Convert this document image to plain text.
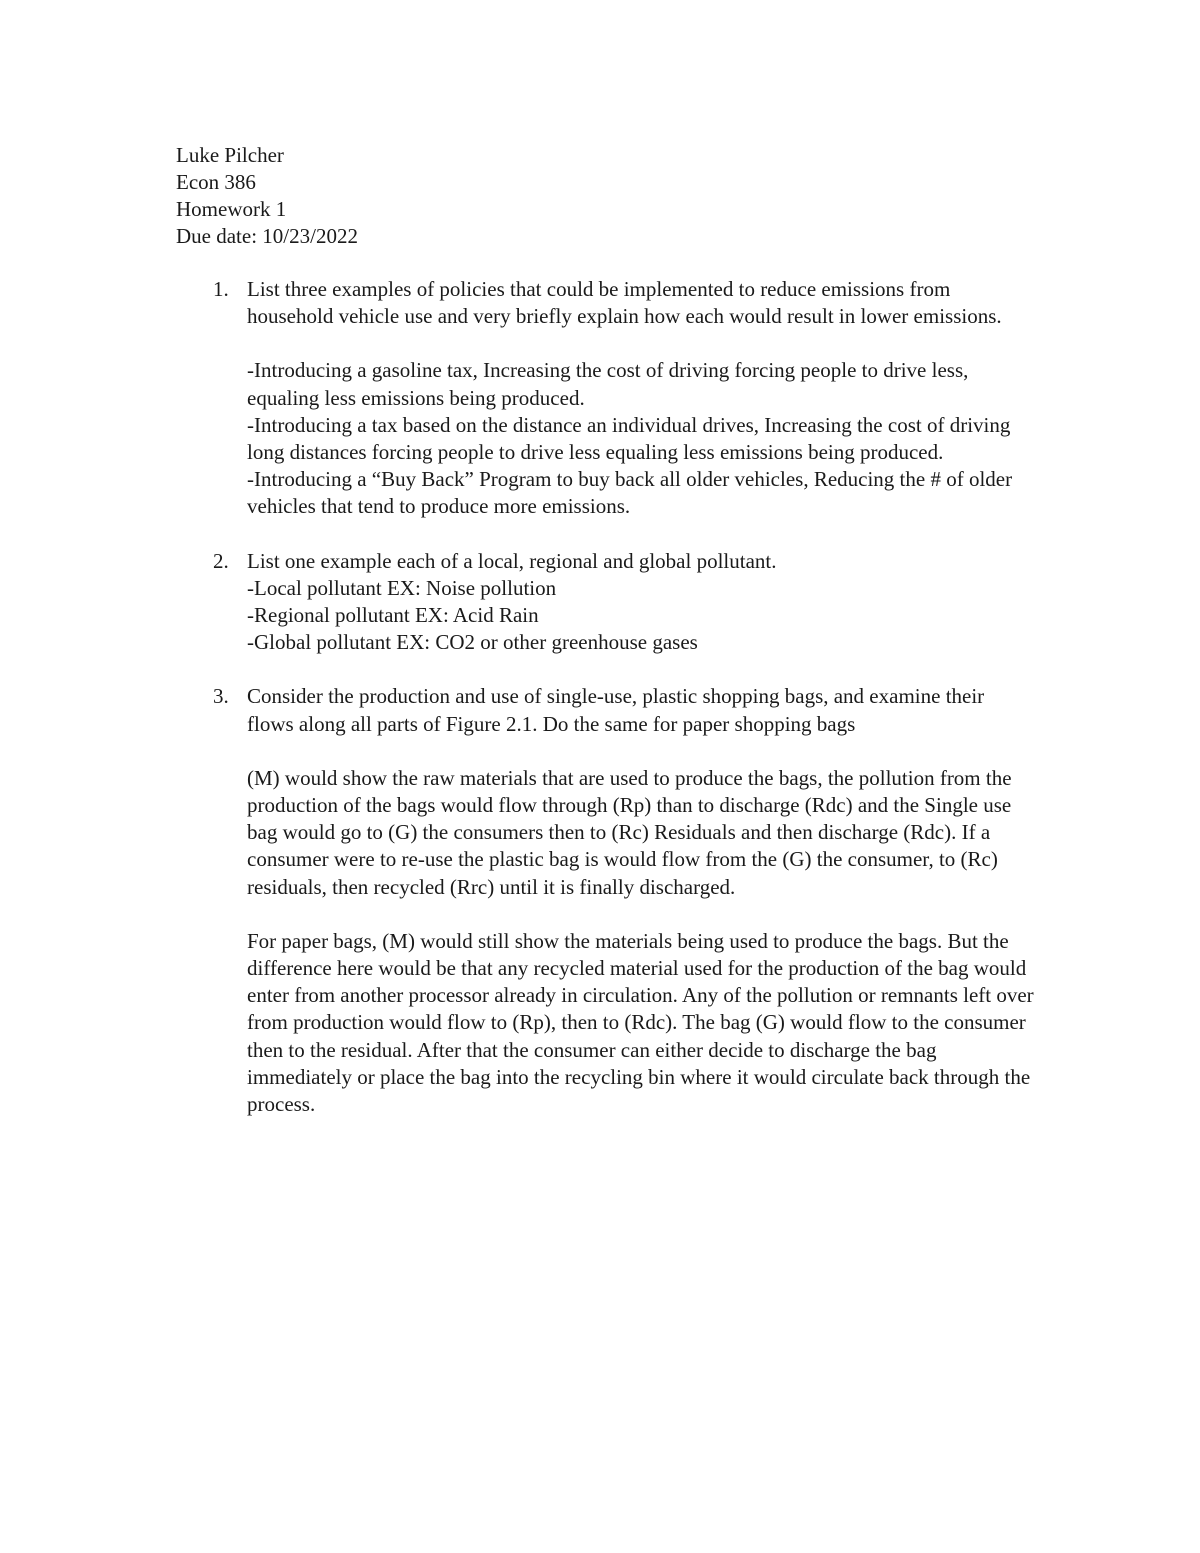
Luke Pilcher
Econ 386
Homework 1
Due date: 10/23/2022
1. List three examples of policies that could be implemented to reduce emissions from household vehicle use and very briefly explain how each would result in lower emissions.
-Introducing a gasoline tax, Increasing the cost of driving forcing people to drive less, equaling less emissions being produced.
-Introducing a tax based on the distance an individual drives, Increasing the cost of driving long distances forcing people to drive less equaling less emissions being produced.
-Introducing a “Buy Back” Program to buy back all older vehicles, Reducing the # of older vehicles that tend to produce more emissions.
2. List one example each of a local, regional and global pollutant.
-Local pollutant EX: Noise pollution
-Regional pollutant EX: Acid Rain
-Global pollutant EX: CO2 or other greenhouse gases
3. Consider the production and use of single-use, plastic shopping bags, and examine their flows along all parts of Figure 2.1. Do the same for paper shopping bags
(M) would show the raw materials that are used to produce the bags, the pollution from the production of the bags would flow through (Rp) than to discharge (Rdc) and the Single use bag would go to (G) the consumers then to (Rc) Residuals and then discharge (Rdc). If a consumer were to re-use the plastic bag is would flow from the (G) the consumer, to (Rc) residuals, then recycled (Rrc) until it is finally discharged.
For paper bags, (M) would still show the materials being used to produce the bags. But the difference here would be that any recycled material used for the production of the bag would enter from another processor already in circulation. Any of the pollution or remnants left over from production would flow to (Rp), then to (Rdc). The bag (G) would flow to the consumer then to the residual. After that the consumer can either decide to discharge the bag immediately or place the bag into the recycling bin where it would circulate back through the process.
